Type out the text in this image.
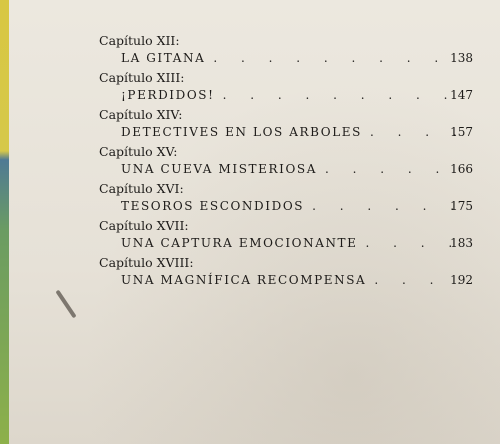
Capítulo XII:
LA GITANA . . .	138
Capítulo XIII:
¡PERDIDOS! . . .	147
Capítulo XIV:
DETECTIVES EN LOS ARBOLES . . .	157
Capítulo XV:
UNA CUEVA MISTERIOSA . . .	166
Capítulo XVI:
TESOROS ESCONDIDOS . . .	175
Capítulo XVII:
UNA CAPTURA EMOCIONANTE . . .	183
Capítulo XVIII:
UNA MAGNÍFICA RECOMPENSA . . .	192
